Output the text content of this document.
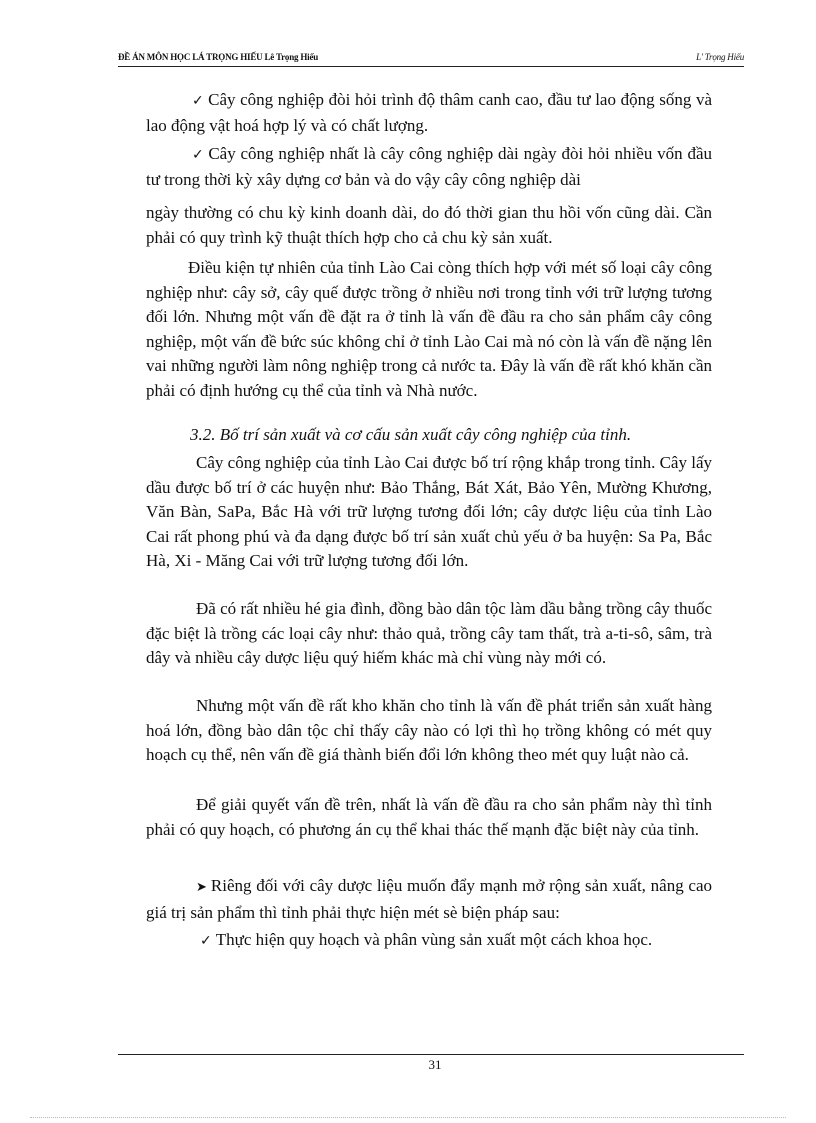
ĐỀ ÁN MÔN HỌC LÁ TRỌNG HIẾU Lê Trọng Hiếu	L' Trọng Hiếu

✓ Cây công nghiệp đòi hỏi trình độ thâm canh cao, đầu tư lao động sống và lao động vật hoá hợp lý và có chất lượng.

✓ Cây công nghiệp nhất là cây công nghiệp dài ngày đòi hỏi nhiều vốn đầu tư trong thời kỳ xây dựng cơ bản và do vậy cây công nghiệp dài

ngày thường có chu kỳ kinh doanh dài, do đó thời gian thu hồi vốn cũng dài. Cần phải có quy trình kỹ thuật thích hợp cho cả chu kỳ sản xuất.

Điều kiện tự nhiên của tỉnh Lào Cai còng thích hợp với mét số loại cây công nghiệp như: cây sở, cây quế được trồng ở nhiều nơi trong tỉnh với trữ lượng tương đối lớn. Nhưng một vấn đề đặt ra ở tỉnh là vấn đề đầu ra cho sản phẩm cây công nghiệp, một vấn đề bức súc không chỉ ở tỉnh Lào Cai mà nó còn là vấn đề nặng lên vai những người làm nông nghiệp trong cả nước ta. Đây là vấn đề rất khó khăn cần phải có định hướng cụ thể của tỉnh và Nhà nước.

3.2. Bố trí sản xuất và cơ cấu sản xuất cây công nghiệp của tỉnh.

Cây công nghiệp của tỉnh Lào Cai được bố trí rộng khắp trong tỉnh. Cây lấy dầu được bố trí ở các huyện như: Bảo Thắng, Bát Xát, Bảo Yên, Mường Khương, Văn Bàn, SaPa, Bắc Hà với trữ lượng tương đối lớn; cây dược liệu của tỉnh Lào Cai rất phong phú và đa dạng được bố trí sản xuất chủ yếu ở ba huyện: Sa Pa, Bắc Hà, Xi - Măng Cai với trữ lượng tương đối lớn.

Đã có rất nhiều hé gia đình, đồng bào dân tộc làm dầu bằng trồng cây thuốc đặc biệt là trồng các loại cây như: thảo quả, trồng cây tam thất, trà a-ti-sô, sâm, trà dây và nhiều cây dược liệu quý hiếm khác mà chỉ vùng này mới có.

Nhưng một vấn đề rất kho khăn cho tỉnh là vấn đề phát triển sản xuất hàng hoá lớn, đồng bào dân tộc chỉ thấy cây nào có lợi thì họ trồng không có mét quy hoạch cụ thể, nên vấn đề giá thành biến đổi lớn không theo mét quy luật nào cả.

Để giải quyết vấn đề trên, nhất là vấn đề đầu ra cho sản phẩm này thì tỉnh phải có quy hoạch, có phương án cụ thể khai thác thế mạnh đặc biệt này của tỉnh.

➤ Riêng đối với cây dược liệu muốn đẩy mạnh mở rộng sản xuất, nâng cao giá trị sản phẩm thì tỉnh phải thực hiện mét sè biện pháp sau:

✓ Thực hiện quy hoạch và phân vùng sản xuất một cách khoa học.

31
